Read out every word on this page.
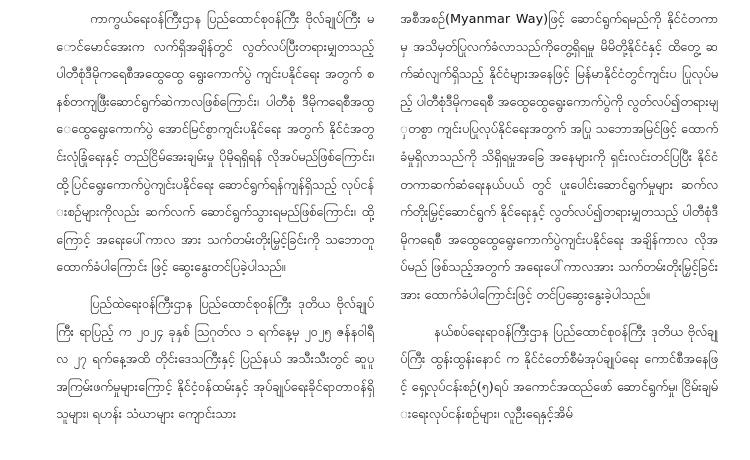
ကာကွယ်ရေးဝန်ကြီးဌာန ပြည်ထောင်စုဝန်ကြီး ဗိုလ်ချုပ်ကြီး မောင်မောင်အေးက လက်ရှိအချိန်တွင် လွတ်လပ်ပြီးတရားမျှတသည့် ပါတီစုံဒီမိုကရေစီအထွေထွေ ရွေးကောက်ပွဲ ကျင်းပနိုင်ရေး အတွက် စနစ်တကျဖြီးဆောင်ရွက်ဆဲကာလဖြစ်ကြောင်း၊ ပါတီစုံ ဒီမိုကရေစီအထွေထွေရွေးကောက်ပွဲ အောင်မြင်စွာကျင်းပနိုင်ရေး အတွက် နိုင်ငံအတွင်းလုံခြုံရေးနှင့် တည်ငြိမ်အေးချမ်းမှု ပိုမိုရရှိရန် လိုအပ်မည်ဖြစ်ကြောင်း၊ ထို့ပြင်ရွေးကောက်ပွဲကျင်းပနိုင်ရေး ဆောင်ရွက်ရန်ကျန်ရှိသည့် လုပ်ငန်းစဉ်များကိုလည်း ဆက်လက် ဆောင်ရွက်သွားရမည်ဖြစ်ကြောင်း၊ ထို့ကြောင့် အရေးပေါ်ကာလ အား သက်တမ်းတိုးမြှင့်ခြင်းကို သဘောတူထောက်ခံပါကြောင်း ဖြင့် ဆွေးနွေးတင်ပြခဲ့ပါသည်။

ပြည်ထဲရေးဝန်ကြီးဌာန ပြည်ထောင်စုဝန်ကြီး ဒုတိယ ဗိုလ်ချုပ်ကြီး ရာပြည့် က ၂၀၂၄ ခုနှစ် ဩဂုတ်လ ၁ ရက်နေ့မှ ၂၀၂၅ ဇန်နဝါရီလ ၂၇ ရက်နေ့အထိ တိုင်းဒေသကြီးနှင့် ပြည်နယ် အသီးသီးတွင် ဆူပူအကြမ်းဖက်မှုများကြောင့် နိုင်ငံ့ဝန်ထမ်းနှင့် အုပ်ချုပ်ရေးခိုင်ရာတာဝန်ရှိသူများ၊ ရဟန်း သံဃာများ ကျောင်းသား

အစီအစဉ်(Myanmar Way)ဖြင့် ဆောင်ရွက်ရမည်ကို နိုင်ငံတကာမှ အသိမှတ်ပြုလက်ခံလာသည်ကိုတွေ့ရှိရမှု မိမိတို့နိုင်ငံနှင့် ထိတွေ့ ဆက်ဆံလျက်ရှိသည့် နိုင်ငံများအနေဖြင့် မြန်မာနိုင်ငံတွင်ကျင်းပ ပြုလုပ်မည့် ပါတီစုံဒီမိုကရေစီ အထွေထွေရွေးကောက်ပွဲကို လွတ်လပ်၍တရားမျှတစွာ ကျင်းပပြုလုပ်နိုင်ရေးအတွက် အပြု သဘောအမြင်ဖြင့် ထောက်ခံမှုရှိလာသည်ကို သိရှိရမှုအခြေ အနေများကို ရှင်းလင်းတင်ပြပြီး နိုင်ငံတကာဆက်ဆံရေးနယ်ပယ် တွင် ပူးပေါင်းဆောင်ရွက်မှုများ ဆက်လက်တိုးမြှင့်ဆောင်ရွက် နိုင်ရေးနှင့် လွတ်လပ်၍တရားမျှတသည့် ပါတီစုံဒီမိုကရေစီ အထွေထွေရွေးကောက်ပွဲကျင်းပနိုင်ရေး အချိန်ကာလ လိုအပ်မည် ဖြစ်သည့်အတွက် အရေးပေါ်ကာလအား သက်တမ်းတိုးမြှင့်ခြင်း အား ထောက်ခံပါကြောင်းဖြင့် တင်ပြဆွေးနွေးခဲ့ပါသည်။

နယ်စပ်ရေးရာဝန်ကြီးဌာန ပြည်ထောင်စုဝန်ကြီး ဒုတိယ ဗိုလ်ချုပ်ကြီး ထွန်းထွန်းနောင် က နိုင်ငံတော်စီမံအုပ်ချုပ်ရေး ကောင်စီအနေဖြင့် ရှေ့လုပ်ငန်းစဉ်(၅)ရပ် အကောင်အထည်ဖော် ဆောင်ရွက်မှု၊ ငြိမ်းချမ်းရေးလုပ်ငန်းစဉ်များ၊ လူဦးရေနှင့်အိမ်
